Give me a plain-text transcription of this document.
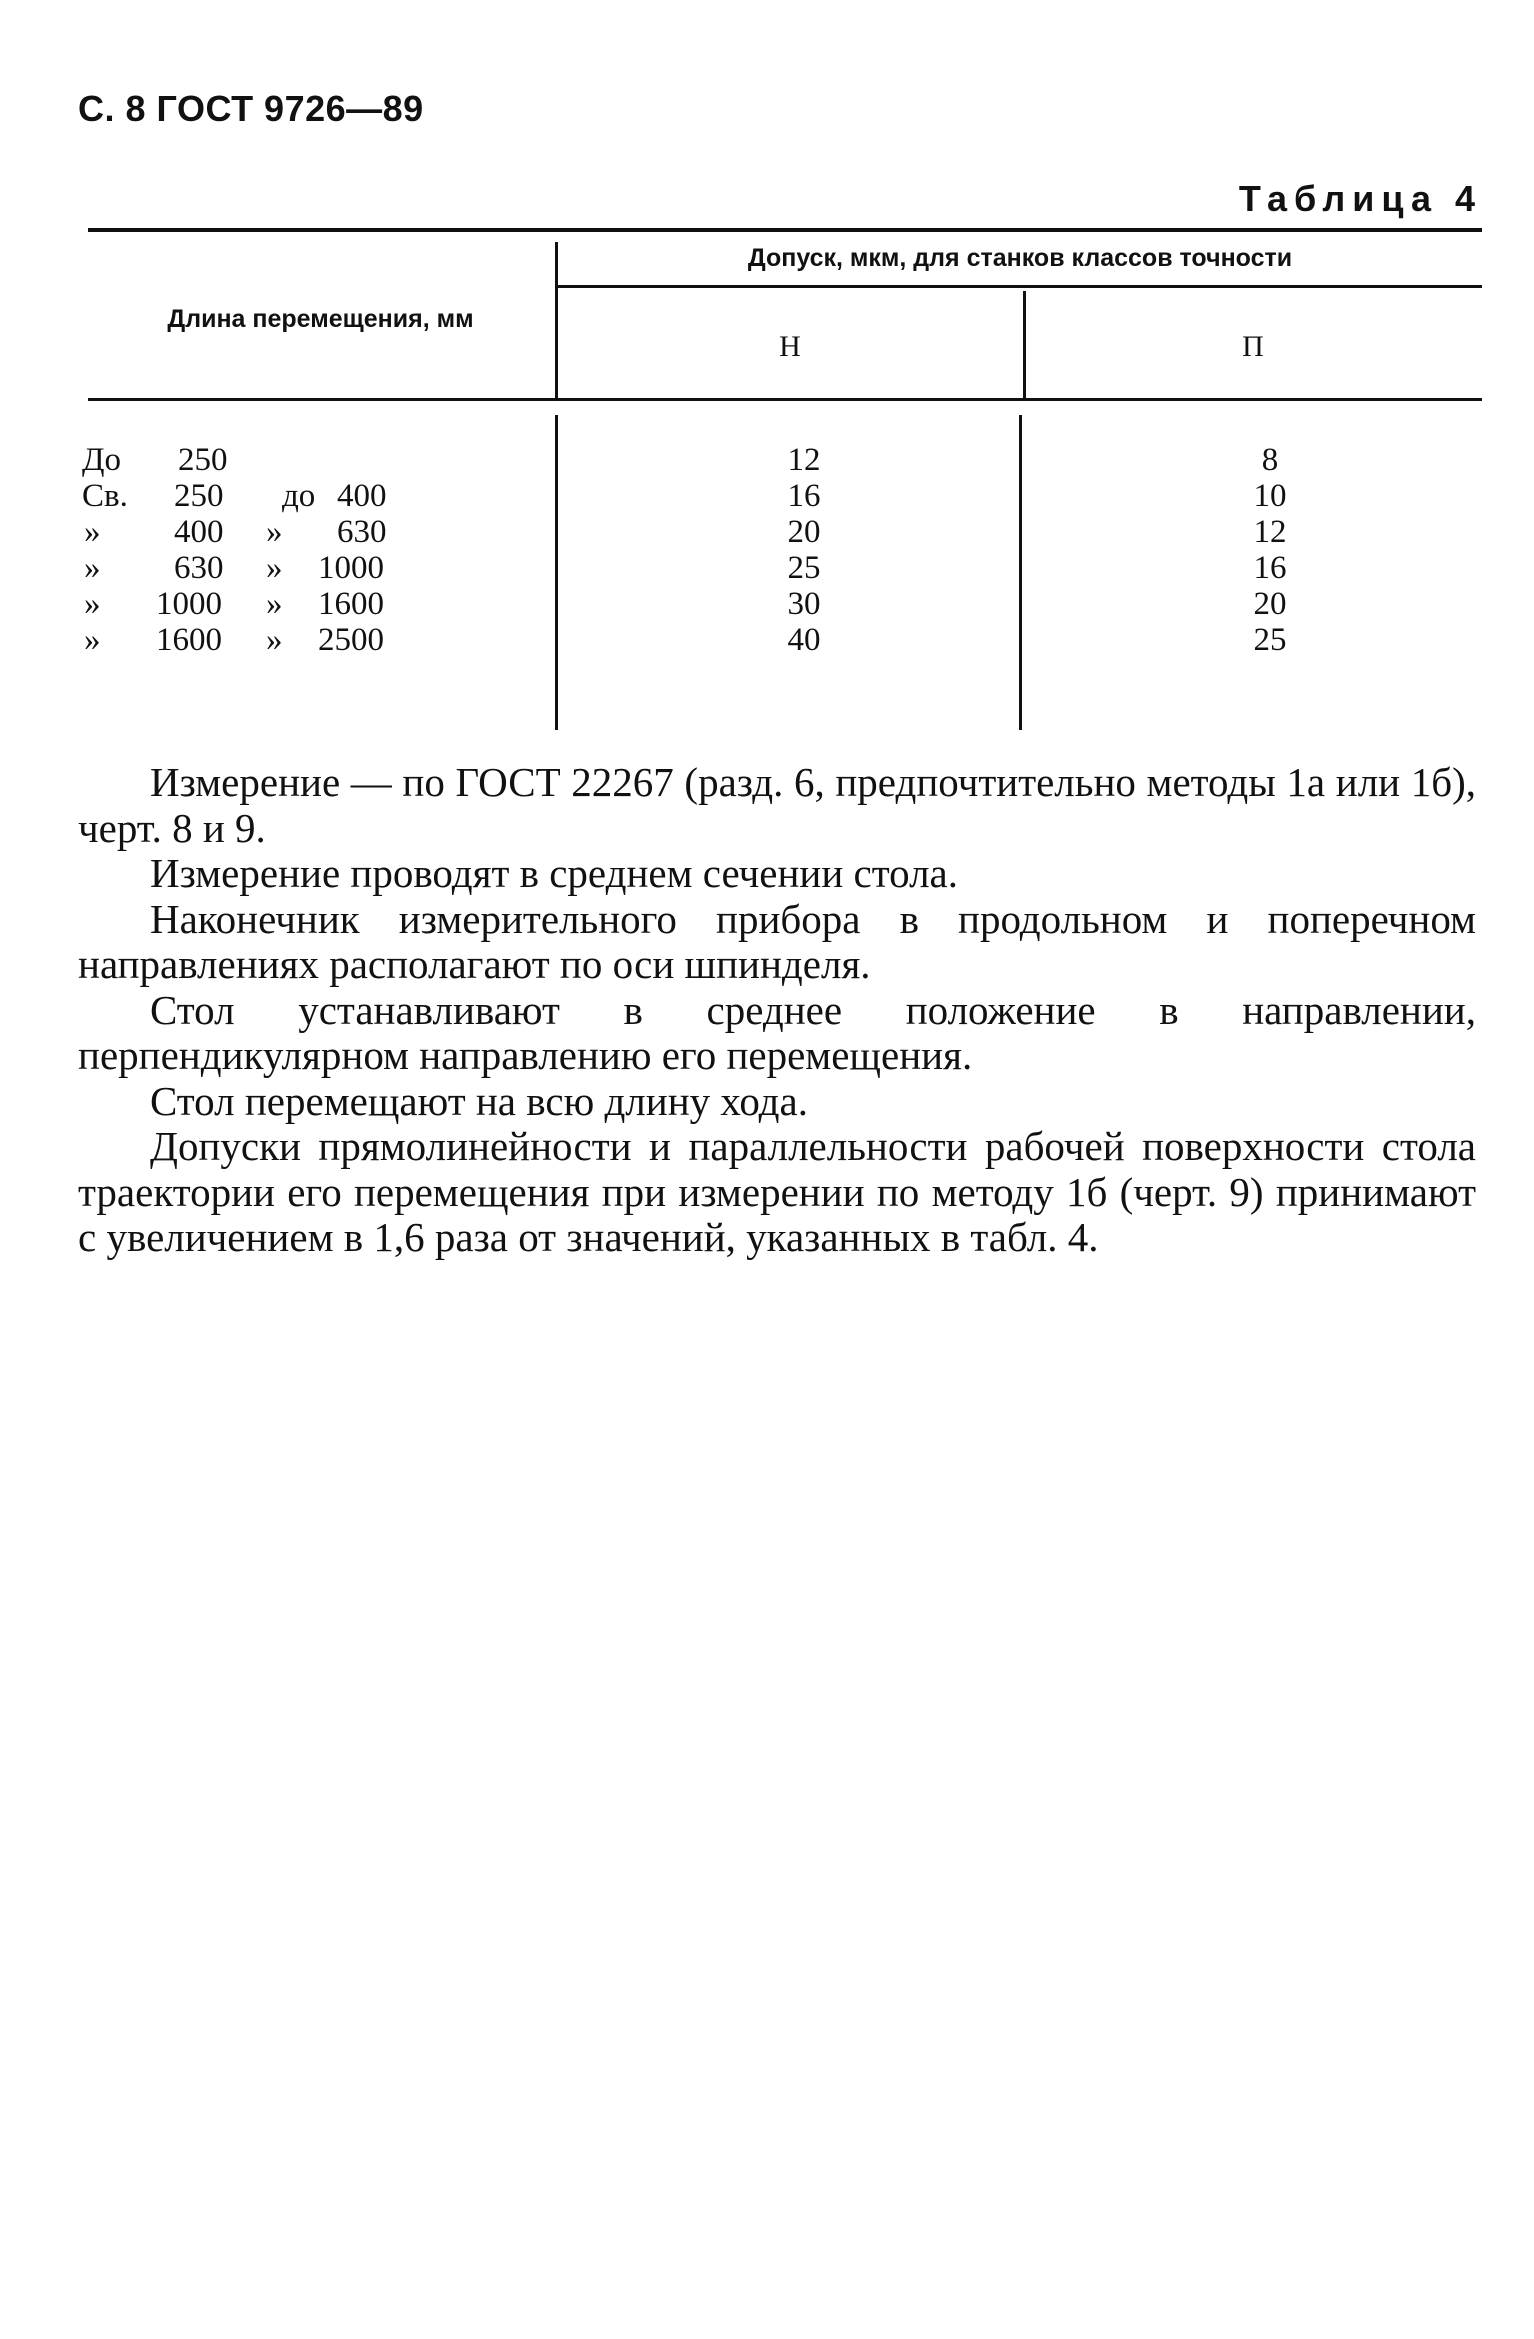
С. 8 ГОСТ 9726—89
Таблица 4
Длина перемещения, мм
Допуск, мкм, для станков классов точности
Н	П
До 250	12	8
Св. 250 до 400	16	10
» 400 » 630	20	12
» 630 » 1000	25	16
» 1000 » 1600	30	20
» 1600 » 2500	40	25

Измерение — по ГОСТ 22267 (разд. 6, предпочтительно методы 1а или 1б), черт. 8 и 9.

Измерение проводят в среднем сечении стола.

Наконечник измерительного прибора в продольном и поперечном направлениях располагают по оси шпинделя.

Стол устанавливают в среднее положение в направлении, перпендикулярном направлению его перемещения.

Стол перемещают на всю длину хода.

Допуски прямолинейности и параллельности рабочей поверхности стола траектории его перемещения при измерении по методу 1б (черт. 9) принимают с увеличением в 1,6 раза от значений, указанных в табл. 4.
